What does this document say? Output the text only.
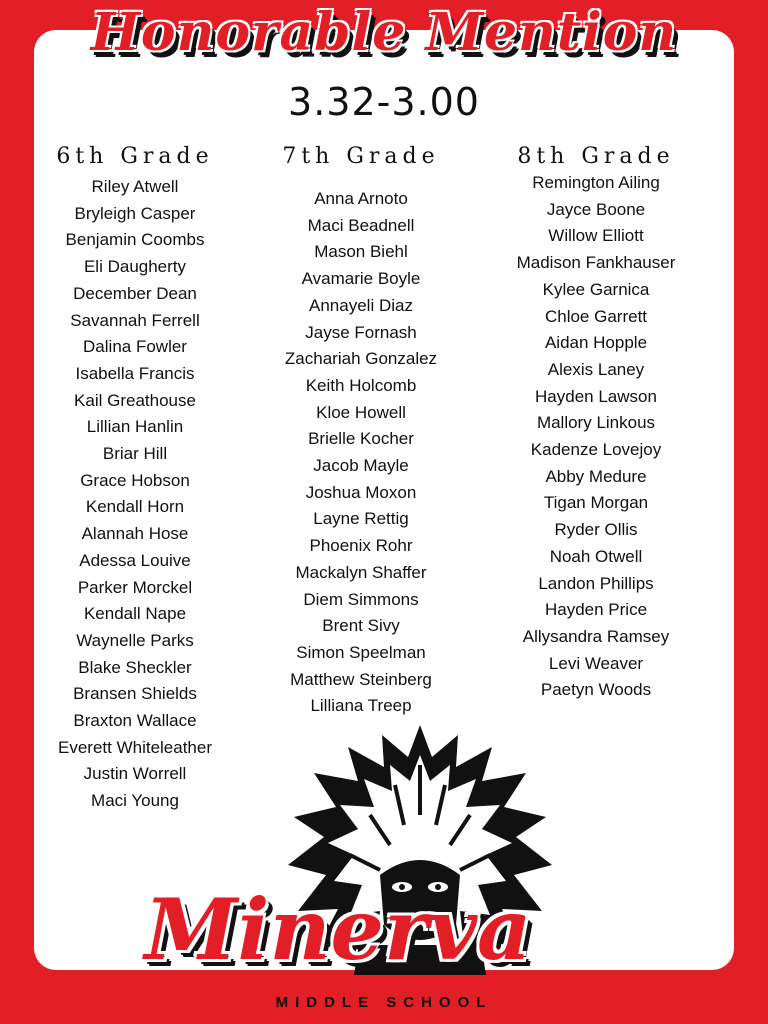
Honorable Mention
3.32-3.00
6th Grade
Riley Atwell
Bryleigh Casper
Benjamin Coombs
Eli Daugherty
December Dean
Savannah Ferrell
Dalina Fowler
Isabella Francis
Kail Greathouse
Lillian Hanlin
Briar Hill
Grace Hobson
Kendall Horn
Alannah Hose
Adessa Louive
Parker Morckel
Kendall Nape
Waynelle Parks
Blake Sheckler
Bransen Shields
Braxton Wallace
Everett Whiteleather
Justin Worrell
Maci Young
7th Grade
Anna Arnoto
Maci Beadnell
Mason Biehl
Avamarie Boyle
Annayeli Diaz
Jayse Fornash
Zachariah Gonzalez
Keith Holcomb
Kloe Howell
Brielle Kocher
Jacob Mayle
Joshua Moxon
Layne Rettig
Phoenix Rohr
Mackalyn Shaffer
Diem Simmons
Brent Sivy
Simon Speelman
Matthew Steinberg
Lilliana Treep
8th Grade
Remington Ailing
Jayce Boone
Willow Elliott
Madison Fankhauser
Kylee Garnica
Chloe Garrett
Aidan Hopple
Alexis Laney
Hayden Lawson
Mallory Linkous
Kadenze Lovejoy
Abby Medure
Tigan Morgan
Ryder Ollis
Noah Otwell
Landon Phillips
Hayden Price
Allysandra Ramsey
Levi Weaver
Paetyn Woods
Minerva
MIDDLE SCHOOL
